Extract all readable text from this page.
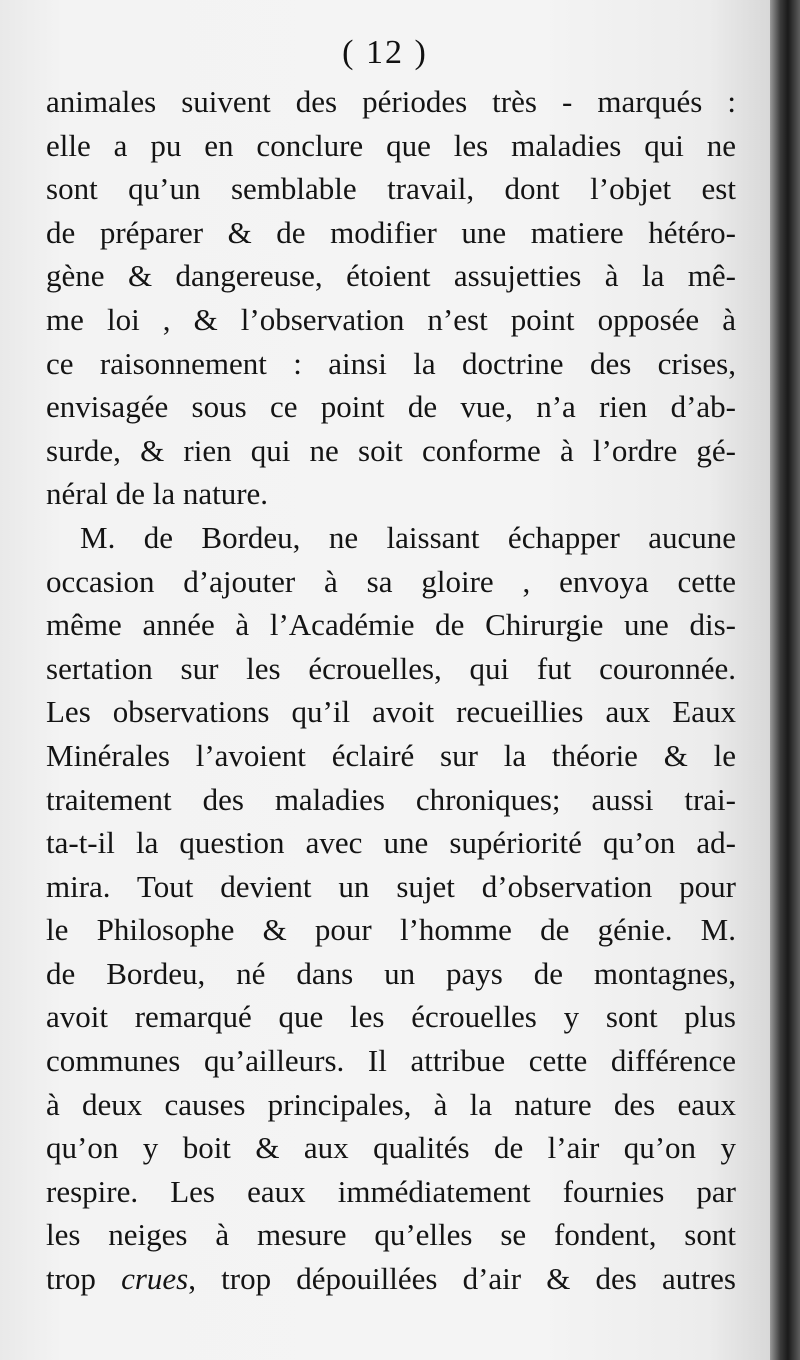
( 12 )
animales suivent des périodes très - marqués :
elle a pu en conclure que les maladies qui ne
sont qu’un semblable travail, dont l’objet est
de préparer & de modifier une matiere hétéro-
gène & dangereuse, étoient assujetties à la mê-
me loi , & l’observation n’est point opposée à
ce raisonnement : ainsi la doctrine des crises,
envisagée sous ce point de vue, n’a rien d’ab-
surde, & rien qui ne soit conforme à l’ordre gé-
néral de la nature.
M. de Bordeu, ne laissant échapper aucune
occasion d’ajouter à sa gloire , envoya cette
même année à l’Académie de Chirurgie une dis-
sertation sur les écrouelles, qui fut couronnée.
Les observations qu’il avoit recueillies aux Eaux
Minérales l’avoient éclairé sur la théorie & le
traitement des maladies chroniques; aussi trai-
ta-t-il la question avec une supériorité qu’on ad-
mira. Tout devient un sujet d’observation pour
le Philosophe & pour l’homme de génie. M.
de Bordeu, né dans un pays de montagnes,
avoit remarqué que les écrouelles y sont plus
communes qu’ailleurs. Il attribue cette différence
à deux causes principales, à la nature des eaux
qu’on y boit & aux qualités de l’air qu’on y
respire. Les eaux immédiatement fournies par
les neiges à mesure qu’elles se fondent, sont
trop crues, trop dépouillées d’air & des autres
